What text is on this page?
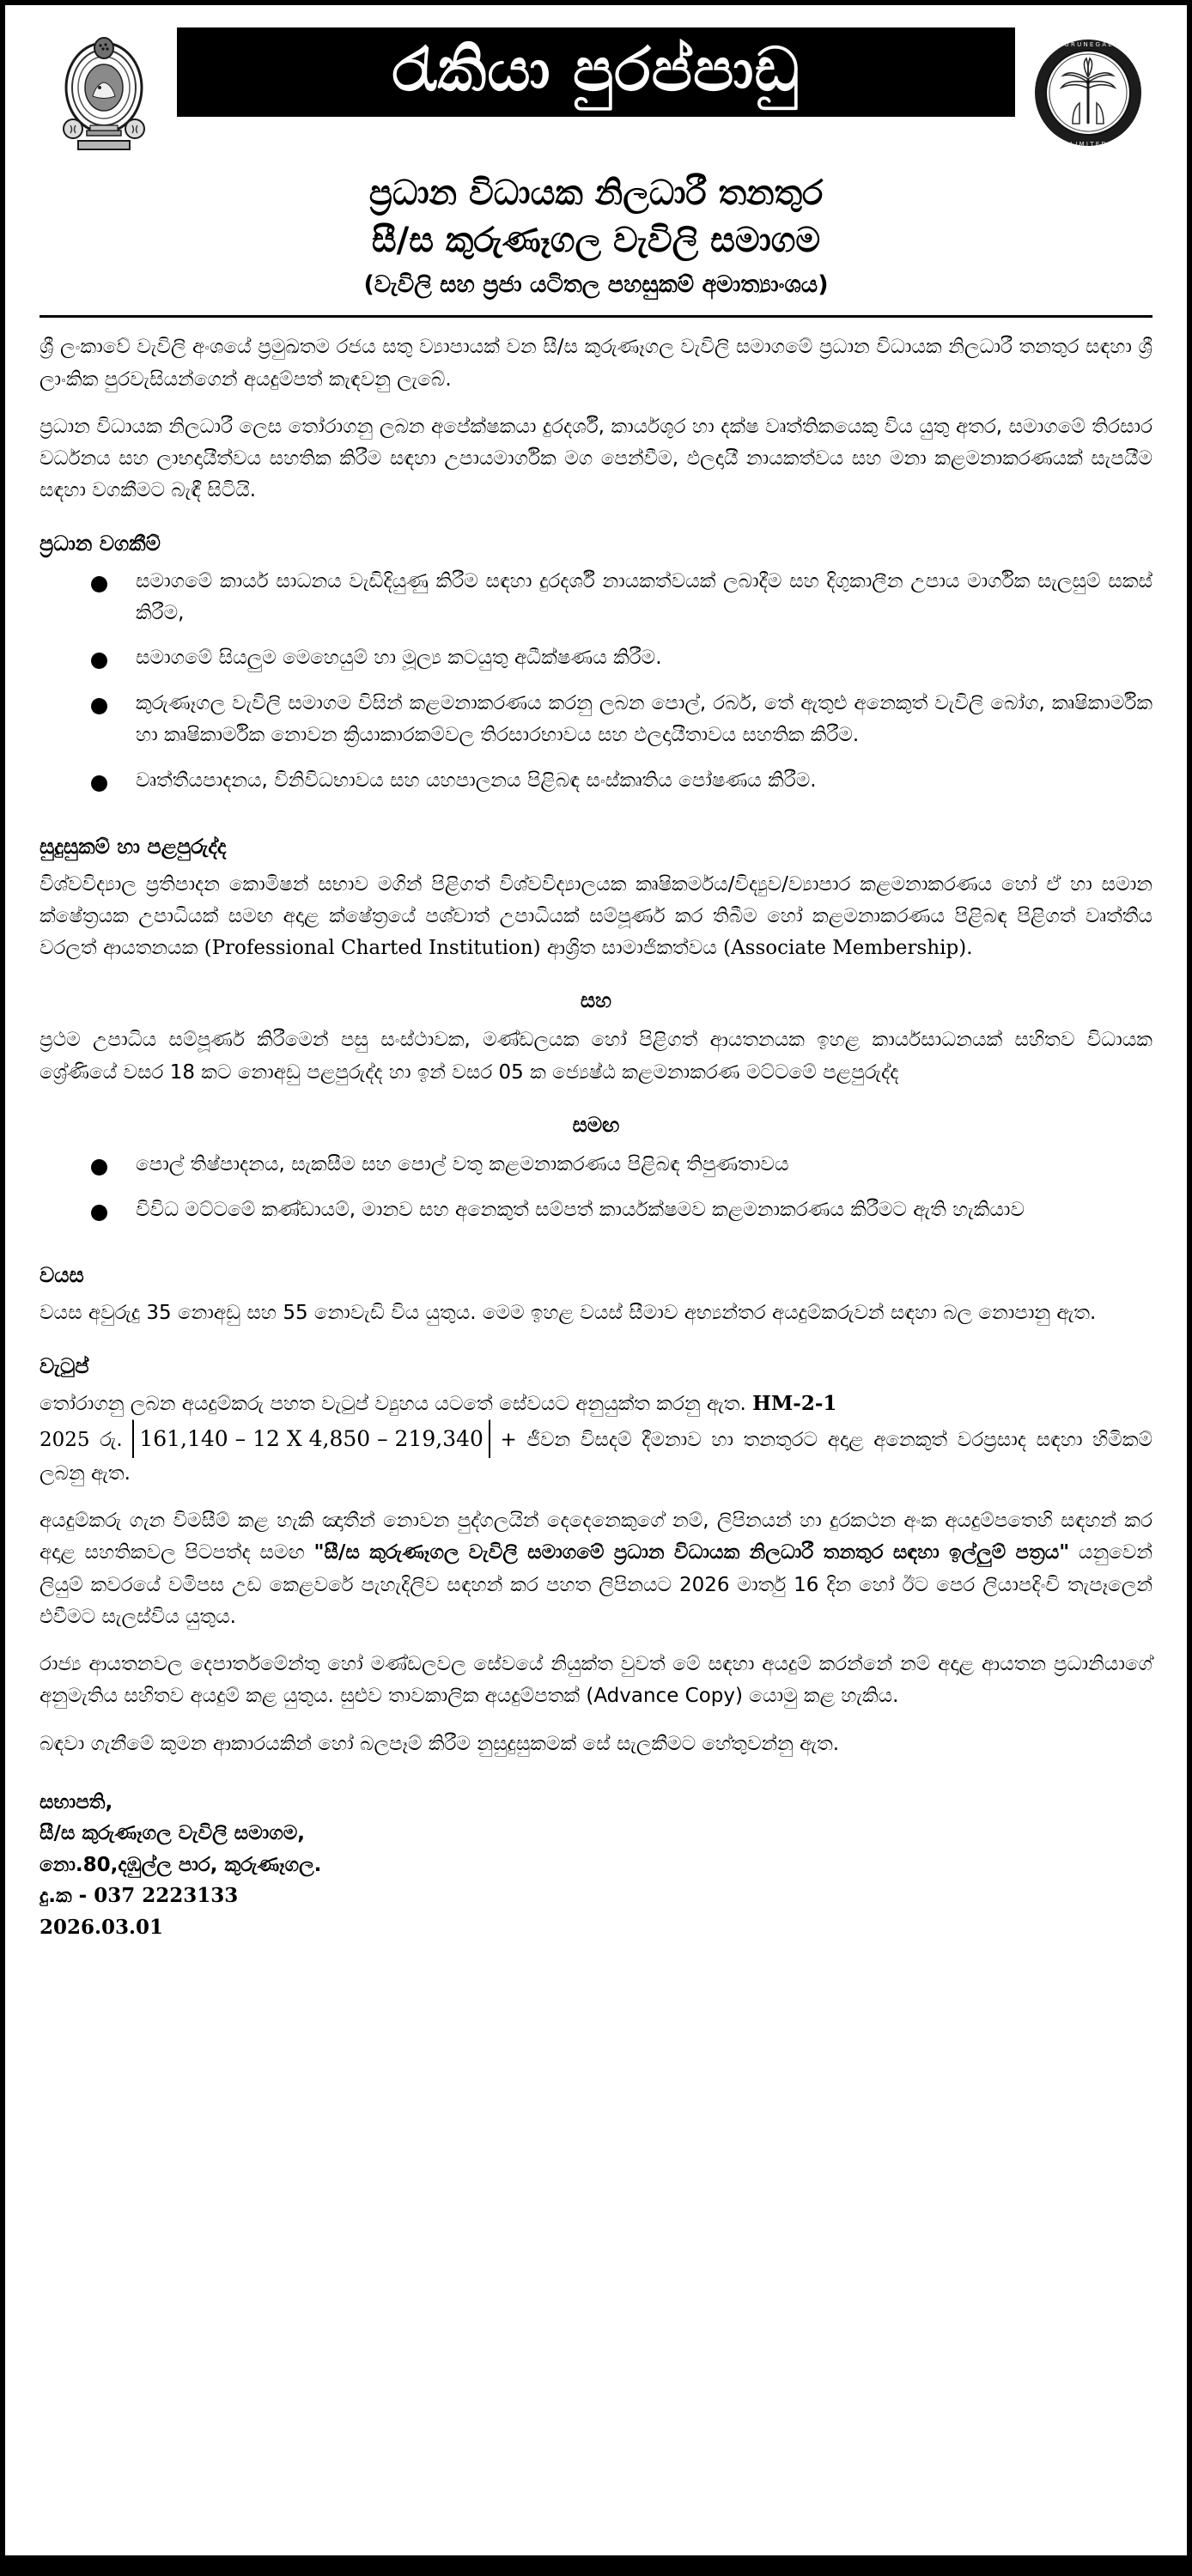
රැකියා පුරප්පාඩු	K U R U N E G A L A
L I M I T E D
ප්‍රධාන විධායක නිලධාරී තනතුර
සී/ස කුරුණෑගල වැවිලි සමාගම
(වැවිලි සහ ප්‍රජා යටිතල පහසුකම් අමාත්‍යාංශය)

ශ්‍රී ලංකාවේ වැවිලි අංශයේ ප්‍රමුඛතම රජය සතු ව්‍යාපායක් වන සී/ස කුරුණෑගල වැවිලි සමාගමේ ප්‍රධාන විධායක නිලධාරී තනතුර සඳහා ශ්‍රී ලාංකික පුරවැසියන්ගෙන් අයදුම්පත් කැඳවනු ලැබේ.

ප්‍රධාන විධායක නිලධාරී ලෙස තෝරාගනු ලබන අපේක්ෂකයා දුරදර්ශී, කාර්යශූර හා දක්ෂ වෘත්තිකයෙකු විය යුතු අතර, සමාගමේ තිරසාර වර්ධනය සහ ලාභදායීත්වය සහතික කිරීම සඳහා උපායමාර්ගික මග පෙන්වීම, ඵලදායී නායකත්වය සහ මනා කළමනාකරණයක් සැපයීම සඳහා වගකීමට බැඳී සිටියි.

ප්‍රධාන වගකීම්
සමාගමේ කාර්ය සාධනය වැඩිදියුණු කිරීම සඳහා දුරදර්ශී නායකත්වයක් ලබාදීම සහ දිගුකාලීන උපාය මාර්ගික සැලසුම් සකස් කිරීම,
සමාගමේ සියලුම මෙහෙයුම් හා මූල්‍ය කටයුතු අධීක්ෂණය කිරීම.
කුරුණෑගල වැවිලි සමාගම විසින් කළමනාකරණය කරනු ලබන පොල්, රබර්, තේ ඇතුළු අනෙකුත් වැවිලි බෝග, කෘෂිකාර්මික හා කෘෂිකාර්මික නොවන ක්‍රියාකාරකම්වල තිරසාරභාවය සහ ඵලදායීතාවය සහතික කිරීම.
වෘත්තීයපාදනය, විනිවිධභාවය සහ යහපාලනය පිළිබඳ සංස්කෘතිය පෝෂණය කිරීම.
සුදුසුකම් හා පළපුරුද්ද

විශ්වවිද්‍යාල ප්‍රතිපාදන කොමිෂන් සභාව මගින් පිළිගත් විශ්වවිද්‍යාලයක කෘෂිකර්මය/විද්‍යුව/ව්‍යාපාර කළමනාකරණය හෝ ඒ හා සමාන ක්ෂේත්‍රයක උපාධියක් සමඟ අදාළ ක්ෂේත්‍රයේ පශ්චාත් උපාධියක් සම්පූර්ණ කර තිබීම හෝ කළමනාකරණය පිළිබඳ පිළිගත් වෘත්තීය වරලත් ආයතනයක (Professional Charted Institution) ආශ්‍රිත සාමාජිකත්වය (Associate Membership).

සහ

ප්‍රථම උපාධිය සම්පූර්ණ කිරීමෙන් පසු සංස්ථාවක, මණ්ඩලයක හෝ පිළිගත් ආයතනයක ඉහළ කාර්යසාධනයක් සහිතව විධායක ශ්‍රේණියේ වසර 18 කට නොඅඩු පළපුරුද්ද හා ඉන් වසර 05 ක ජ්‍යෙෂ්ඨ කළමනාකරණ මට්ටමේ පළපුරුද්ද

සමඟ
පොල් තිෂ්පාදනය, සැකසීම සහ පොල් වතු කළමනාකරණය පිළිබඳ තිපුණතාවය
විවිධ මට්ටමේ කණ්ඩායම්, මානව සහ අනෙකුත් සම්පත් කාර්යක්ෂමව කළමනාකරණය කිරීමට ඇති හැකියාව
වයස

වයස අවුරුදු 35 නොඅඩු සහ 55 නොවැඩි විය යුතුය. මෙම ඉහළ වයස් සීමාව අභ්‍යන්තර අයදුම්කරුවන් සඳහා බල නොපානු ඇත.

වැටුප්

තෝරාගනු ලබන අයදුම්කරු පහත වැටුප් ව්‍යුහය යටතේ සේවයට අනුයුක්ත කරනු ඇත. HM-2-1
2025 රු. 161,140 – 12 X 4,850 – 219,340 + ජීවන විසදම් දීමනාව හා තනතුරට අදාළ අනෙකුත් වරප්‍රසාද සඳහා හිමිකම් ලබනු ඇත.

අයදුම්කරු ගැන විමසීම් කළ හැකි ඤාතීන් නොවන පුද්ගලයින් දෙදෙනෙකුගේ නම්, ලිපිනයන් හා දුරකථන අංක අයදුම්පතෙහි සඳහන් කර අදාළ සහතිකවල පිටපත්ද සමඟ "සී/ස කුරුණෑගල වැවිලි සමාගමේ ප්‍රධාන විධායක නිලධාරී තනතුර සඳහා ඉල්ලුම් පත්‍රය" යනුවෙන් ලියුම් කවරයේ වමිපස උඩ කෙළවරේ පැහැදිලිව සඳහන් කර පහත ලිපිනයට 2026 මාර්තු 16 දින හෝ ඊට පෙර ලියාපදිංචි තැපෑලෙන් එවීමට සැලස්විය යුතුය.

රාජ්‍ය ආයතනවල දෙපාර්තමේන්තු හෝ මණ්ඩලවල සේවයේ නියුක්ත වුවත් මේ සඳහා අයදුම් කරන්නේ නම් අදාළ ආයතන ප්‍රධානියාගේ අනුමැතිය සහිතව අයදුම් කළ යුතුය. සුළුව තාවකාලික අයදුම්පතක් (Advance Copy) යොමු කළ හැකිය.

බඳවා ගැනීමේ කුමන ආකාරයකින් හෝ බලපෑම් කිරීම නුසුදුසුකමක් සේ සැලකීමට හේතුවන්නු ඇත.

සභාපති,
සී/ස කුරුණෑගල වැවිලි සමාගම,
නො.80,දඹුල්ල පාර, කුරුණෑගල.
දු.ක - 037 2223133
2026.03.01
